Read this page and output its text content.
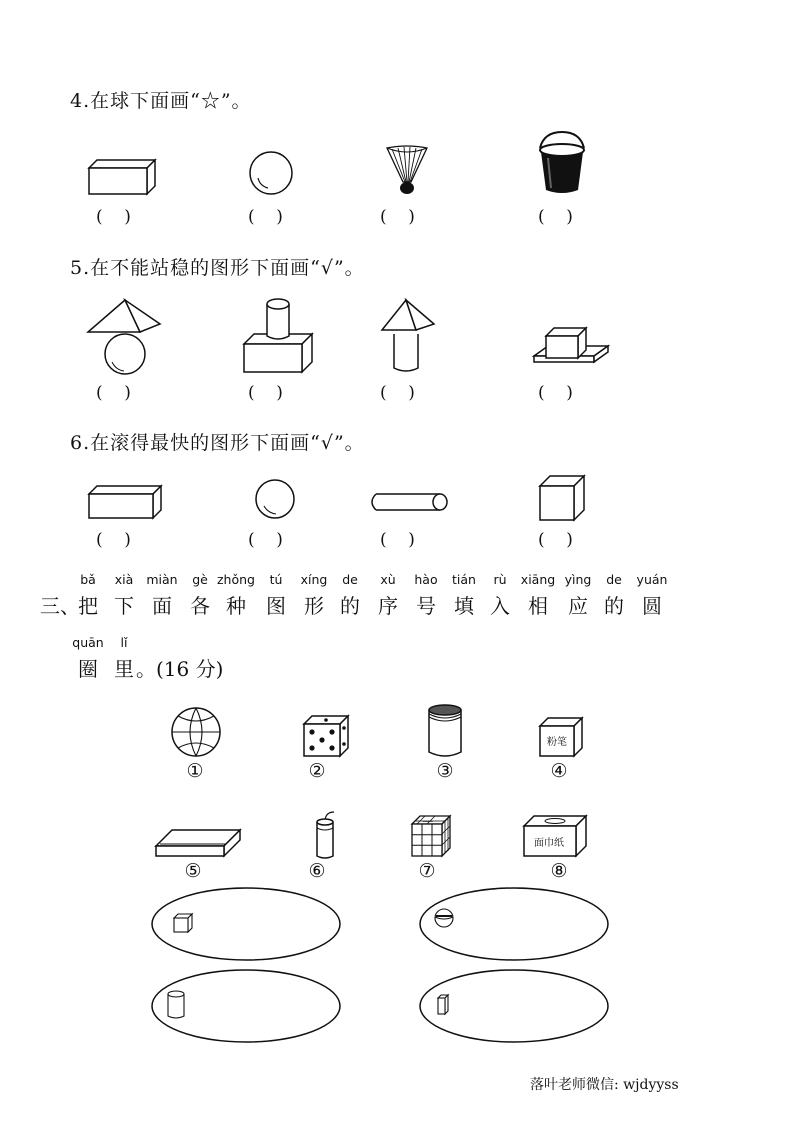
4.在球下面画“☆”。
(    )	(    )	(    )	(    )
5.在不能站稳的图形下面画“√”。
(    )	(    )	(    )	(    )
6.在滚得最快的图形下面画“√”。
(    )	(    )	(    )	(    )
三、
bǎ
把
xià
下
miàn
面
gè
各
zhǒng
种
tú
图
xíng
形
de
的
xù
序
hào
号
tián
填
rù
入
xiāng
相
yìng
应
de
的
yuán
圆
quān
圈
lǐ
里 。(16 分)
①	②	③
粉笔
④
⑤	⑥	⑦
面巾纸
⑧
落叶老师微信: wjdyyss
